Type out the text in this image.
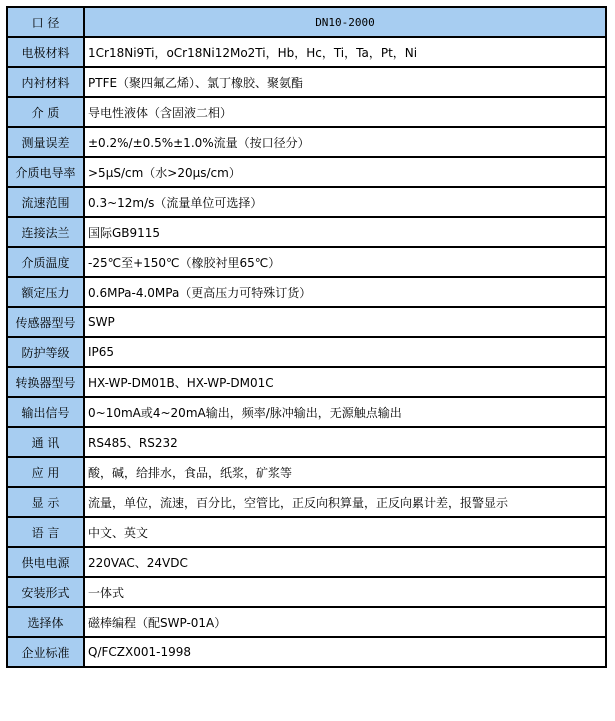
口 径	DN10-2000
电极材料	1Cr18Ni9Ti，oCr18Ni12Mo2Ti，Hb，Hc，Ti，Ta，Pt，Ni
内衬材料	PTFE（聚四氟乙烯）、氯丁橡胶、聚氨酯
介 质	导电性液体（含固液二相）
测量误差	±0.2%/±0.5%±1.0%流量（按口径分）
介质电导率	>5μS/cm（水>20μs/cm）
流速范围	0.3~12m/s（流量单位可选择）
连接法兰	国际GB9115
介质温度	-25℃至+150℃（橡胶衬里65℃）
额定压力	0.6MPa-4.0MPa（更高压力可特殊订货）
传感器型号	SWP
防护等级	IP65
转换器型号	HX-WP-DM01B、HX-WP-DM01C
输出信号	0~10mA或4~20mA输出，频率/脉冲输出，无源触点输出
通 讯	RS485、RS232
应 用	酸，碱，给排水，食品，纸浆，矿浆等
显 示	流量，单位，流速，百分比，空管比，正反向积算量，正反向累计差，报警显示
语 言	中文、英文
供电电源	220VAC、24VDC
安装形式	一体式
选择体	磁棒编程（配SWP-01A）
企业标准	Q/FCZX001-1998
